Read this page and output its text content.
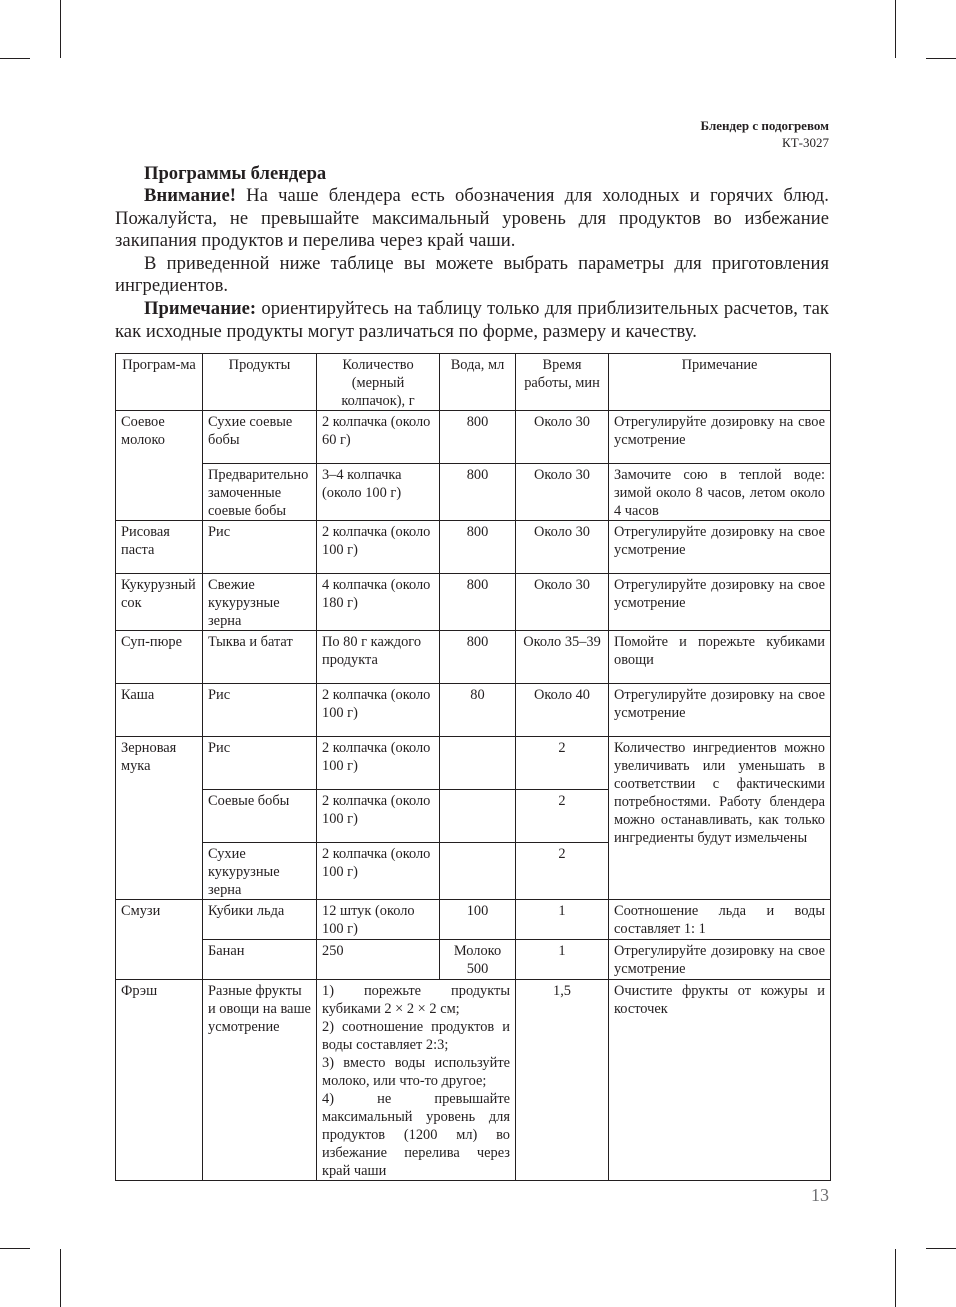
Блендер с подогревом
КТ-3027
Программы блендера

Внимание! На чаше блендера есть обозначения для холодных и горячих блюд. Пожалуйста, не превышайте максимальный уровень для продуктов во избежание закипания продуктов и перелива через край чаши.

В приведенной ниже таблице вы можете выбрать параметры для приготовления ингредиентов.

Примечание: ориентируйтесь на таблицу только для приблизительных расчетов, так как исходные продукты могут различаться по форме, размеру и качеству.

Програм-ма	Продукты	Количество (мерный колпачок), г	Вода, мл	Время работы, мин	Примечание
Соевое молоко	Сухие соевые бобы	2 колпачка (около 60 г)	800	Около 30	Отрегулируйте дозировку на свое усмотрение
	Предварительно замоченные соевые бобы	3–4 колпачка (около 100 г)	800	Около 30	Замочите сою в теплой воде: зимой около 8 часов, летом около 4 часов
Рисовая паста	Рис	2 колпачка (около 100 г)	800	Около 30	Отрегулируйте дозировку на свое усмотрение
Кукурузный сок	Свежие кукурузные зерна	4 колпачка (около 180 г)	800	Около 30	Отрегулируйте дозировку на свое усмотрение
Суп-пюре	Тыква и батат	По 80 г каждого продукта	800	Около 35–39	Помойте и порежьте кубиками овощи
Каша	Рис	2 колпачка (около 100 г)	80	Около 40	Отрегулируйте дозировку на свое усмотрение
Зерновая мука	Рис	2 колпачка (около 100 г)		2	Количество ингредиентов можно увеличивать или уменьшать в соответствии с фактическими потребностями. Работу блендера можно останавливать, как только ингредиенты будут измельчены
	Соевые бобы	2 колпачка (около 100 г)		2	
	Сухие кукурузные зерна	2 колпачка (около 100 г)		2	
Смузи	Кубики льда	12 штук (около 100 г)	100	1	Соотношение льда и воды составляет 1: 1
	Банан	250	Молоко 500	1	Отрегулируйте дозировку на свое усмотрение
Фрэш	Разные фрукты и овощи на ваше усмотрение	1) порежьте продукты кубиками 2 × 2 × 2 см;
2) соотношение продуктов и воды составляет 2:3;
3) вместо воды используйте молоко, или что-то другое;
4) не превышайте максимальный уровень для продуктов (1200 мл) во избежание перелива через край чаши		1,5	Очистите фрукты от кожуры и косточек
13
